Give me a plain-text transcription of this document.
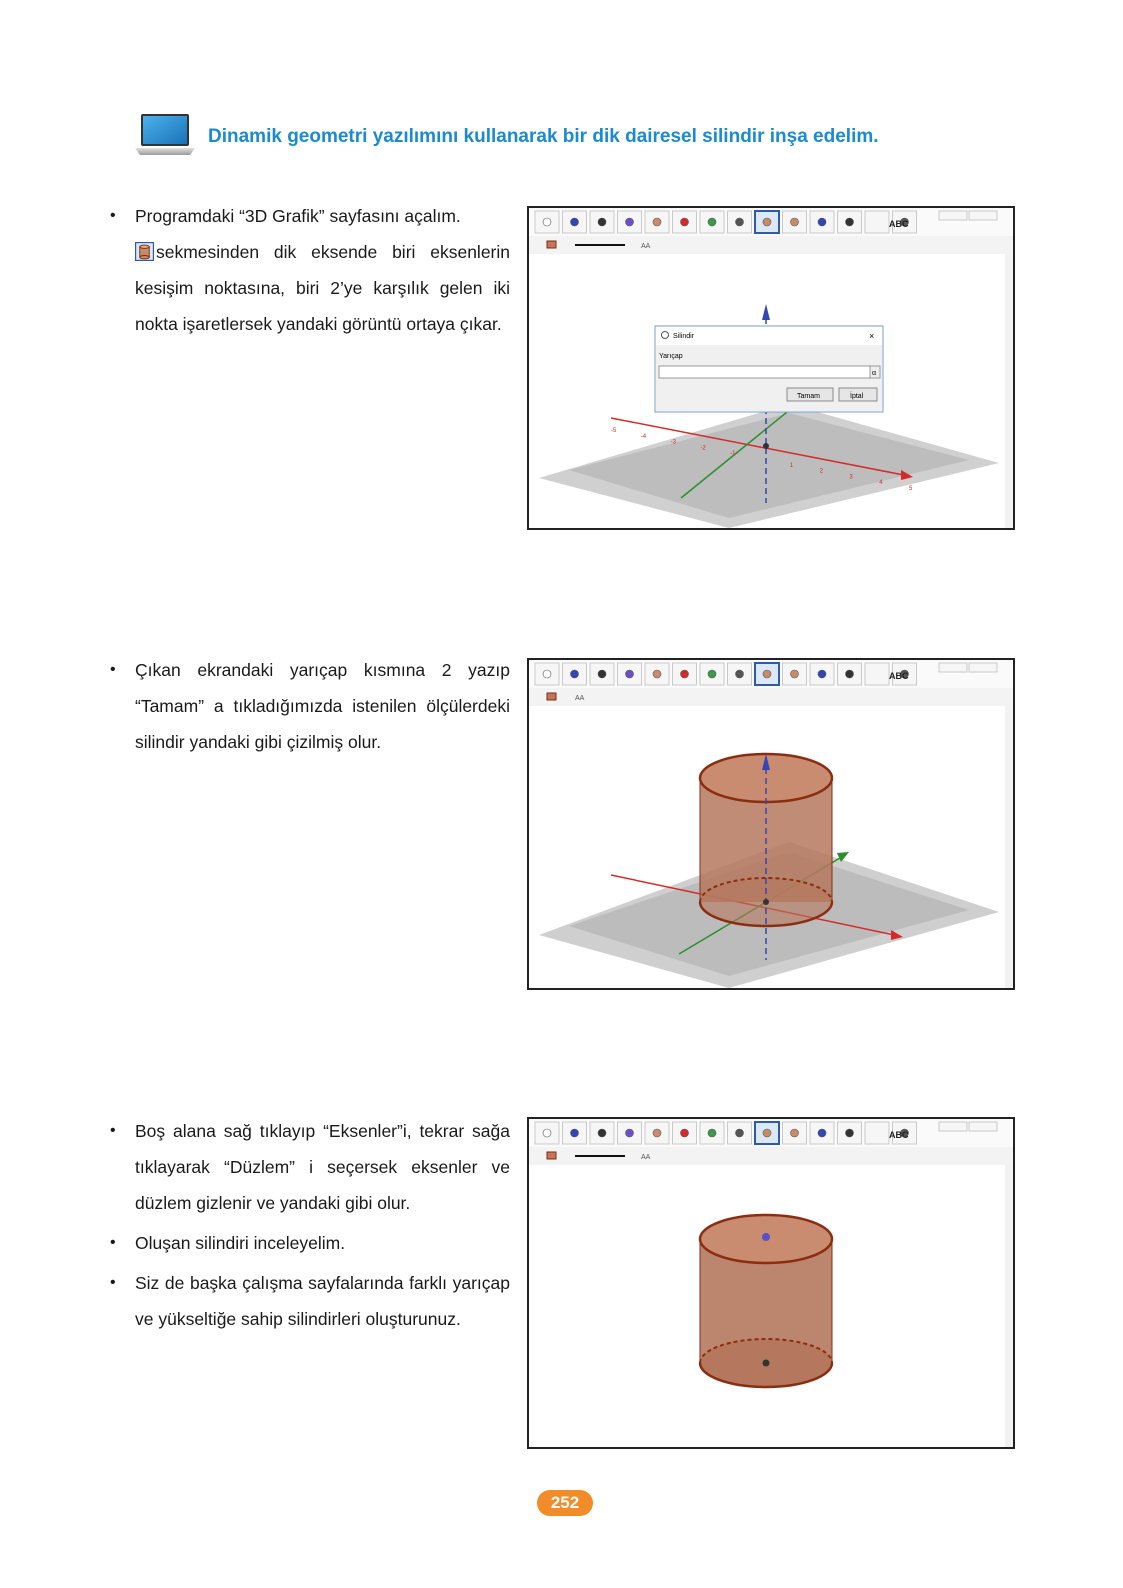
Dinamik geometri yazılımını kullanarak bir dik dairesel silindir inşa edelim.
• Programdaki “3D Grafik” sayfasını açalım.
sekmesinden dik eksende biri eksenlerin kesişim noktasına, biri 2’ye karşılık gelen iki nokta işaretlersek yandaki görüntü ortaya çıkar.
• Çıkan ekrandaki yarıçap kısmına 2 yazıp “Tamam” a tıkladığımızda istenilen ölçülerdeki silindir yandaki gibi çizilmiş olur.
• Boş alana sağ tıklayıp “Eksenler”i, tekrar sağa tıklayarak “Düzlem” i seçersek eksenler ve düzlem gizlenir ve yandaki gibi olur.
• Oluşan silindiri inceleyelim.
• Siz de başka çalışma sayfalarında farklı yarıçap ve yükseltiğe sahip silindirleri oluşturunuz.
ABC
AA
-5
-4
-3
-2
-1
1
2
3
4
5
Silindir	×
Yarıçap
α
Tamam	İptal
ABC
AA
ABC
AA
252
